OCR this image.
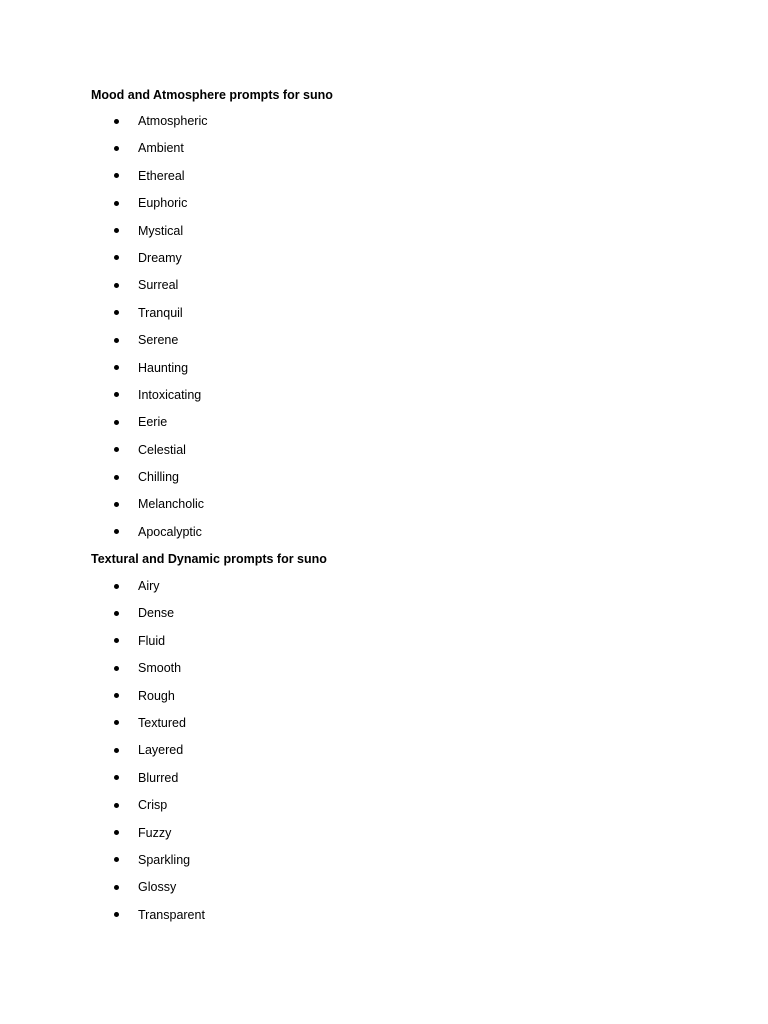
Mood and Atmosphere prompts for suno
Atmospheric
Ambient
Ethereal
Euphoric
Mystical
Dreamy
Surreal
Tranquil
Serene
Haunting
Intoxicating
Eerie
Celestial
Chilling
Melancholic
Apocalyptic
Textural and Dynamic prompts for suno
Airy
Dense
Fluid
Smooth
Rough
Textured
Layered
Blurred
Crisp
Fuzzy
Sparkling
Glossy
Transparent
